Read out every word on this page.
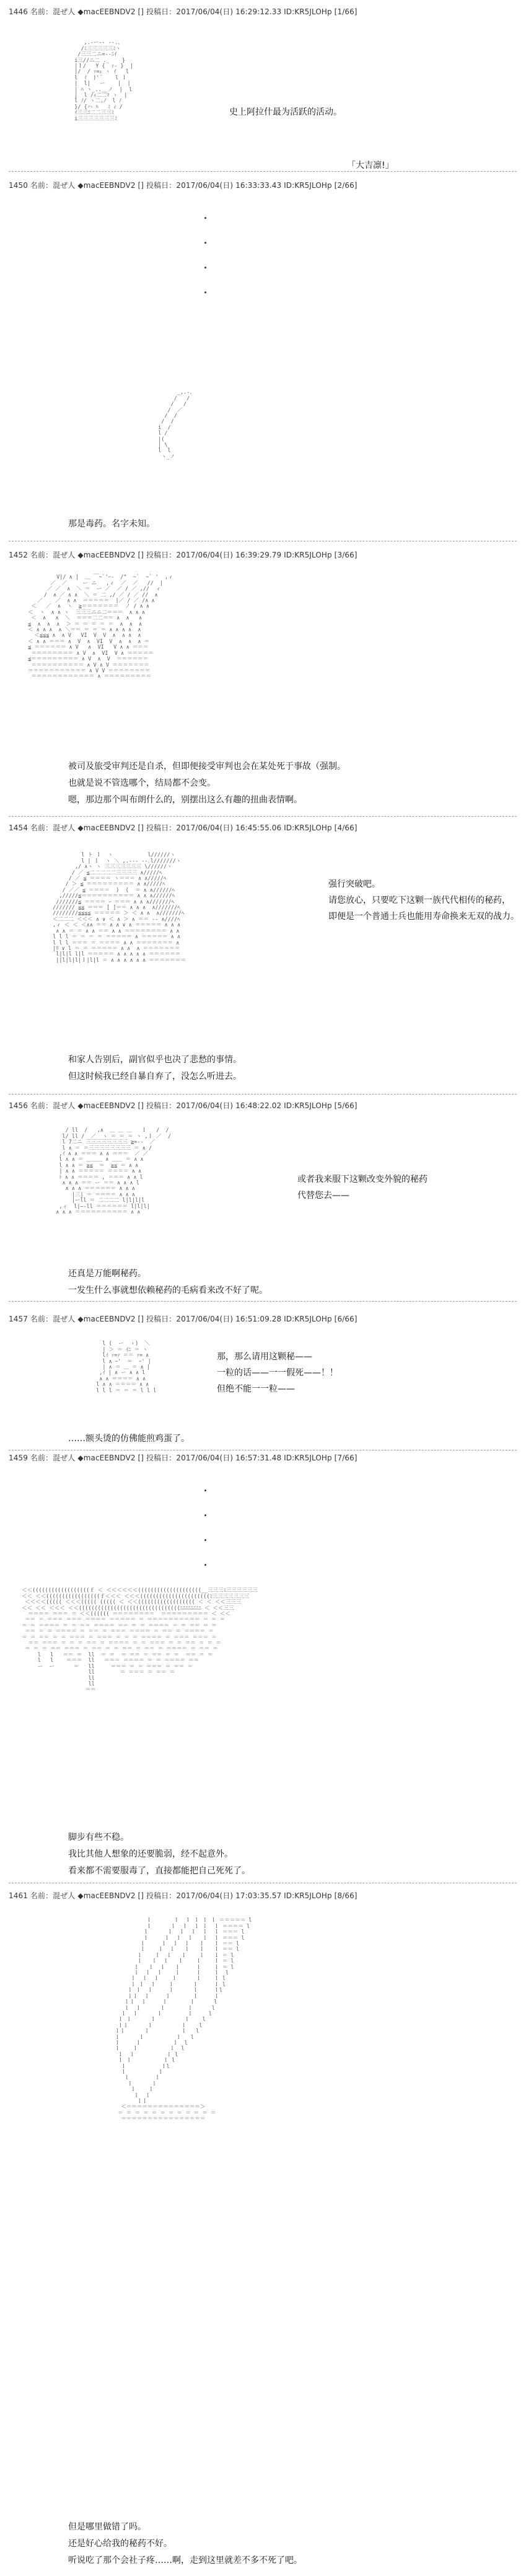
1446 名前：混ぜ人 ◆macEEBNDV2 [] 投稿日：2017/06/04(日) 16:29:12.33 ID:KR5JLOHp [1/66]

,.-ー‐‐ ‐-.、
/ﾐ三三三三三ﾐヽ
/三三二ニ=-‐ﾆｲ
i三//ニ二 ._    }
|ｌ/   Y {  ｧ- }  |
|/  / ｧ=ｭ ヽ ｲ   l
l  ｲ  )'´    l ｌ
|  l|   ー    |  |
| ﾊ ヽ_..__ノ  |  l
|  l /ｨ二二ﾏ ヽ  |
l ﾉ/ ヽ二.ﾉ  l ﾉ
}/ {ハ ﾊ   ﾐ ｨ /
ｲ三三ﾆ二二三三ﾐ
i三三三三三三三ﾐ

史上阿拉什最为活跃的活动。
「大吉凛!」
1450 名前：混ぜ人 ◆macEEBNDV2 [] 投稿日：2017/06/04(日) 16:33:33.43 ID:KR5JLOHp [2/66]

_,.-、
/   /
/   /
/  ／
/  /
/  /
i  /
l /
|(
| \
l  l
ヽ_ノ

那是毒药。名字未知。
1452 名前：混ぜ人 ◆macEEBNDV2 [] 投稿日：2017/06/04(日) 16:39:29.79 ID:KR5JLOHp [3/66]

V|/ ∧ |  ＿ ￣~`'ｰ‐  /"  ~`  ~` '  ,ィ
／  ／     ー ニ   ,ィ  ／  ／   //  |
／ ／  ∧  ＼ ＝  ー ／  ／ / ／ ,//  ィ
/  ∧ ／ ∧ ∧  ＼ ＝ 二 ,/ ／ / ／ //  ∧
／    ／  ∧ ∧  ＝＝＝＝＝  |／ / ／ /∧ ∧
＜   ／  ∧  ヽ  ≧＝＝＝＝＝＝＝  ノ / ∧ ∧
＜  ヽ  ∧ ∧ ヽ  三三三ニニ二＝＝＝  ∧ ∧ ∧
＜  ∧   ∧  ＼  ＝＝＝二二＝＝ ∧  ∧   ∧
≦  ∧  ∧  ∧  ＞ ＝ ＝ ＝ ＝ ＝  ∧  ∧  ∧
＜ ∧ ∧ ∧  ∧ ＼＝＝ ＝ ＝ ＝ ∧ ∧ ∧ ∧  ∧
＜≦≦≦ ∧  ∧ V   VI  V  V  ∧  ∧ ∧  ∧
＜ ∧ ∧ ＝＝＝ ∧  V  ∧  VI  V  ∧  ∧  ∧ ＝
≦ ＝＝＝＝＝＝ ∧ V   ∧  VI   V ∧ ∧ ＝＝＝
＝＝＝＝＝＝＝＝ ∧ V  ∧  VI  V ∧ ＝＝＝＝＝
≦＝＝＝＝＝＝＝＝＝ ∧ V  ∧  V  ＝＝＝＝＝＝
＝＝＝＝＝＝＝＝＝＝ ∧ V ∧ V ＝＝＝＝＝＝＝
＝＝＝＝＝＝＝＝＝＝＝ ∧ V V ＝＝＝＝＝＝＝＝
＝＝＝＝＝＝＝＝＝＝＝＝ ∧ ＝＝＝＝＝＝＝＝＝

被司及旅受审判还是自杀，但即便接受审判也会在某处死于事故（强制。
也就是说不管选哪个，结局都不会变。
嗯，那边那个叫布朗什么的，别摆出这么有趣的扭曲表情啊。
1454 名前：混ぜ人 ◆macEEBNDV2 [] 投稿日：2017/06/04(日) 16:45:55.06 ID:KR5JLOHp [4/66]

l ト ｌ  ヽ           l//////ヽ
l | ｌ  ヽ ＼ ,.-‐‐ ‐-､l///////ヽ
,/ ∧ヽ ヽ 三三三三三三三 \//////ヽ
/ ／ ≦二二二二二三三三三 ∧/////ﾍ
/ ／ ≦ ＝＝＝＝ ヽ＝＝＝ ∧ ∧/////ﾍ
/ ＞ ≦ ＝＝＝＝＝＝＝＝＝ ∧ ∧/////ﾍ
/ ／／ ≦ ＝＝＝＝  )  (  ＝ ∧ ∧//////ﾍ
,/////≦＝＝＝＝＝＝＝＝＝＝ ∧ ∧ ∧//////ﾍ
///////≦ ＝＝＝＝ ｰ ＝＝＝ ∧ ∧ ∧///////ﾍ
/////// ≦≦ ＝＝＝ [ ]＝＝ ∧ ∧ ∧  ∧///////ﾍ
////////≦≦≦≦ ＝＝＝＝＝ ＞ ＜ ∧ ∧  ∧///////ﾍ
＜二二二 ＜＜＜ ∧ ∨ ＜ ∧ ＞ ∧ ＝＝ -- ∧////ﾍ
,ィ ＜ ＜ ＜∧∧ ＝＝ ∧ ∧ ∨ ∧ ＝＝＝＝＝ ∧ ∧ ∧
∧ ∧ ＝ ＝ ∧ ∧ ＝＝ ∧ ∧ ＝＝＝＝＝＝＝＝ ∧ ∧
l l l ＝ ＝ ＝ ＝ ＝＝＝＝＝ ∧ ＝＝＝＝＝ ∧ ∧
l l l ＝＝＝ ＝ ＝＝＝＝ ∧ ∧ ＝＝＝＝＝＝＝ ∧
|ﾘ ∨ l ＝ ＝ ＝＝＝＝＝ ∧ ∧  ∧ ＝＝＝＝＝＝＝
l|l|l l|l ＝＝＝＝＝ ∧ ∧ ∧ ∧ ∧ ＝＝＝＝＝＝
||l|l|l|ｌ|l|l ＝ ∧ ∧ ∧ ∧ ∧ ∧ ＝＝＝＝＝＝＝

强行突破吧。
请您放心，只要吃下这颗一族代代相传的秘药，
即便是一个普通士兵也能用寿命换来无双的战力。
和家人告别后，副官似乎也决了悲愁的事情。
但这时候我已经自暴自弃了，没怎么听进去。
1456 名前：混ぜ人 ◆macEEBNDV2 [] 投稿日：2017/06/04(日) 16:48:22.02 ID:KR5JLOHp [5/66]

/ ll  /   ,∧  ＿ ＿ ＿   ｌ   /  /
l/ ll /  ／  ヽ ＝ ＝ ＝ ヽ ,ｌ ／  /
l 7二ニ 三三三三三三三三 ≧=--  ／
l ∧ ＝ ＝三三三三三三三三 ＝ ∧ /
,ｲ ∧ ∧ ＝＝＝ ∧ ∧ ＝＝＝  ／ ／
l ∧ ∧ ＝ ＿＿＿ ∧ ＿＿ ＝ ∧ ∧
l ∧ ∧ ＝ ≧≦  ＝  ≧≦ ＝ ∧ ∧
| ∧ ∧ ＝＝＝＝＝ ＝＝＝＝ ∧ ∧
ﾄ ∧ ∧ ＝＝＝＝ , ＝＝＝ ∧ ∧ l
∧ ∧ ∧ ＝＝ ー ＝＝ ∧ ∧ ∧ l
∧ ∧ ∧ ＝＝＝＝＝＝ ∧ ∧ ∧
|三| ＝ ＝＝＝＝ ∧ ∧ ∧
|ーll ＝ 二二二二 l|l|l|l
,ィ  l|―‐ll ＝＝＝＝＝＝ l|l|l|
∧ ∧ ∧ ＝＝＝＝＝＝＝＝＝＝ ∧ ∧

或者我来服下这颗改变外貌的秘药
代替您去——
还真是万能啊秘药。
一发生什么事就想依赖秘药的毛病看来改不好了呢。
1457 名前：混ぜ人 ◆macEEBNDV2 [] 投稿日：2017/06/04(日) 16:51:09.28 ID:KR5JLOHp [6/66]

l (  ー  ゝ)  ＼
| ＞ ＝ ｲﾆ ＝ ヽ
lｲ ｧ=ｧ ＝＝ ｧ= ∧
l ∧ ｰ'  ＝  ｰ' |
| ∧ ＝ ＿ ＝ ∧ |
,ｲ | ∧ ー ∧ ∧ l
∧ ∧ ＝＝＝＝ ∧ ∧
l ∧ ∧ ＝＝＝＝ ∧ ∧
l l l ＝ ＝ ＝ l l l

那，那么请用这颗秘——
一粒的话——一一假死——！！
但绝不能一一粒——
……额头烫的仿佛能煎鸡蛋了。
1459 名前：混ぜ人 ◆macEEBNDV2 [] 投稿日：2017/06/04(日) 16:57:31.48 ID:KR5JLOHp [7/66]

＜＜((((((((((((((((((ｆ ＜ ＜＜＜＜＜＜((((((((((((((((((((__三三三ﾐ三三三三三三
＜＜ ＜＜(((((((((((((((((ｆ＜＜＜ ＜＜＜((((((((((((((((((((((ﾐ三三三三三三三
＜＜＜＜((((( ＜＜＜((((( ((((( ＜ ＜＜(((((((((((((((((( ＜ ＜ ＜＜三三三
＜＜ ＜＜ ＜＜＜ ＜＜((((((((((((((((((((((((((((((((ﾆﾆﾆﾆﾆﾆﾆﾆ ＜ ＜＜三三
＝＝＝＝ ＝＝＝ ＝ ＜＜(((((( ＝＝＝＝＝＝＝＝  ＝＝＝＝＝＝＝＝＝ ＜ ＜＜
＝＝ ＝ ＝＝＝ ＝＝＝ ＝＝＝＝ ＝＝＝＝＝ ＝ ＝＝＝＝＝＝＝＝＝＝ ＝ ＝ ＝
＝ ＝ ＝＝＝＝ ＝ ＝ ＝＝ ＝＝＝＝ ＝＝ ＝ ＝ ＝＝＝＝ ＝ ＝ ＝＝ ＝ ＝
＝＝ ＝ ＝ ＝＝＝＝ ＝ ＝＝ ＝ ＝＝＝ ＝＝＝＝ ＝ ＝＝ ＝ ＝＝＝＝ ＝
＝ ＝ ＝＝ ＝ ＝ ＝＝＝ ＝ ＝＝＝ ＝ ＝ ＝ ＝＝＝＝ ＝ ＝＝＝ ＝＝＝ ＝
＝＝ ＝＝＝ ＝ ＝ ＝ ＝＝ ＝ ＝＝＝＝ ＝ ＝ ＝＝＝ ＝ ＝ ＝＝ ＝ ＝ ＝
＝ ＝ ＝ ＝＝ ＝＝＝ ＝ ＝＝ ＝ ＝ ＝＝ ＝ ＝＝ ＝ ＝＝＝＝ ＝ ＝＝ ＝
l   l   ＝＝ ＝  ll  ＝ ＝  ＝ ＝＝ ＝ ＝＝ ＝ ＝  ＝＝ ＝ ＝
l   l    ＝＝＝  ll   ＝＝＝ ＝＝＝＝ ＝ ＝ ＝＝＝＝ ＝＝
ー  ー      ＝   ll     ＝＝＝ ＝ ＝ ＝＝＝ ＝ ＝＝ ＝
ll        ＝ ＝＝＝ ＝ ＝＝ ＝
ll
ll
＝＝

脚步有些不稳。
我比其他人想象的还要脆弱，经不起意外。
看来都不需要服毒了，直接都能把自己死死了。
1461 名前：混ぜ人 ◆macEEBNDV2 [] 投稿日：2017/06/04(日) 17:03:35.57 ID:KR5JLOHp [8/66]

ｌ       ｌ  ｌ ｌ ｌ ｌ ＝＝＝＝＝ l
ｌ      ｌ  ｌ  ｌ ｌ  ｌ ＝＝＝＝ l
ｌ      ｌ  ｌ  ｌ  ｌ  ｌ ＝＝＝ l
ｌ     ｌ  ｌ  ｌ   ｌ  ｌ ＝＝＝ l
ｌ     ｌ  ｌ  ｌ   ｌ   ｌ ＝＝ l
ｌ    ｌ  ｌ   ｌ   ｌ   ｌ ＝＝ l
ｌ    ｌ  ｌ   ｌ    ｌ   ｌ ＝ l
ｌ   ｌ  ｌ   ｌ    ｌ    ｌ ＝ l
ｌ   ｌ  ｌ   ｌ     ｌ    ｌ ＝ l
ｌ  ｌ  ｌ    ｌ     ｌ    ｌ  l
ｌ  ｌ  ｌ    ｌ      ｌ    ｌ l
ｌ ｌ  ｌ    ｌ      ｌ     ｌ l
ｌ ｌ  ｌ     ｌ      ｌ     ｌl
ｌｌ  ｌ     ｌ       ｌ     ｌ
ｌｌ  ｌ     ｌ       ｌ      l
ｌ  ｌ      ｌ       ｌ      l
ｌ  ｌ      ｌ        ｌ     l
ｌ ｌ      ｌ         ｌ    l
ｌｌ      ｌ         ｌ    l
ｌｌ      ｌ          ｌ   l
ｌ      ｌ          ｌ   l
ｌ     ｌ          ｌ  l
ｌ    ｌ          ｌ  l
ｌ  ｌ          ｌ l
ｌ ｌ          ｌ l
ｌ           ｌl
ｌ          ｌ
ｌ        ｌ
ｌ      ｌ
ｌ    ｌ
ｌ  ｌ
ｌｌ
＜＝＝＝＝＝＝＝＝＝＝＝＝＝＝＞
＝ ＝ ＝ ＝ ＝ ＝ ＝ ＝ ＝ ＝ ＝ ＝
＝＝＝＝＝＝＝＝＝＝＝＝＝＝＝＝

但是哪里做错了吗。
还是好心给我的秘药不好。
听说吃了那个会社子疼……啊，走到这里就差不多不死了吧。
